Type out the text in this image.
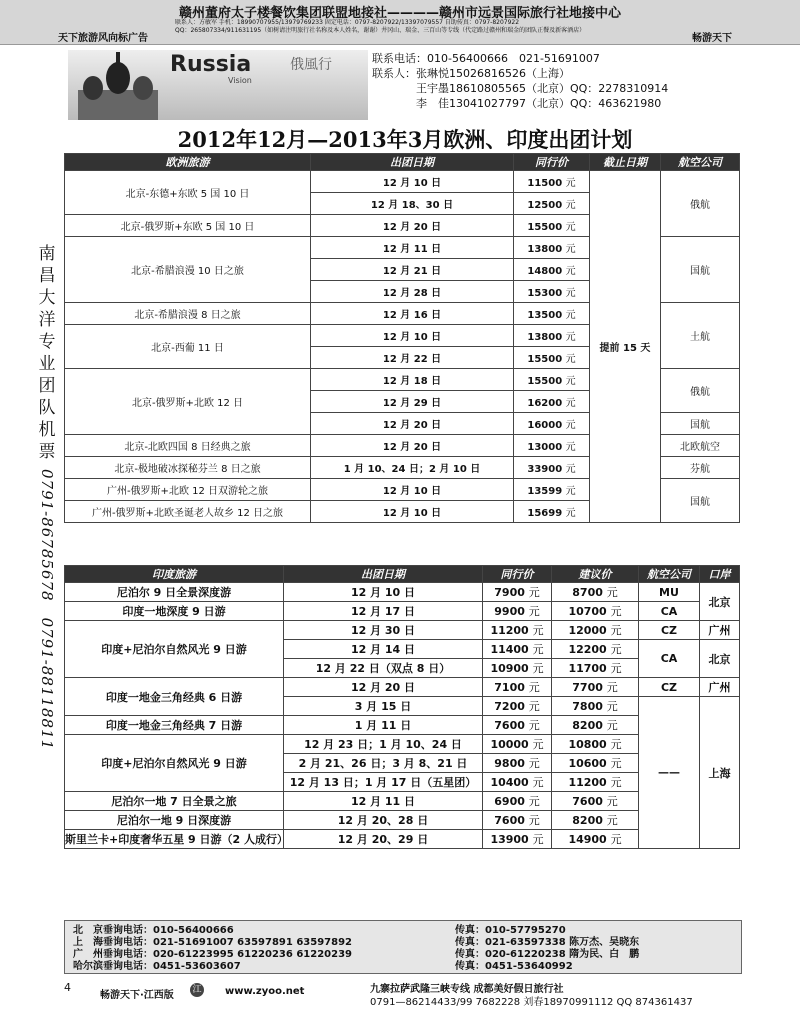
赣州董府太子楼餐饮集团联盟地接社————赣州市远景国际旅行社地接中心
联系人：方敏军 手机：18990707955/13979769233 固定电话：0797-8207922/13397079557 自助传真：0797-8207922
QQ：265807334/911631195（如树请注明旅行社名称及本人姓名，谢谢）井冈山、瑞金、三百山等专线（代定路过赣州和瑞金的团队正餐及新客酒店）
天下旅游风向标广告	畅游天下
Russia	俄風行
Vision
联系电话：010-56400666　021-51691007
联系人：张琳悦15026816526（上海）
　　　　王宇墨18610805565（北京）QQ：2278310914
　　　　李　佳13041027797（北京）QQ：463621980
2012年12月—2013年3月欧洲、印度出团计划
南昌大洋专业团队机票
0791-86785678　0791-88118811
欧洲旅游	出团日期	同行价	截止日期	航空公司
北京-东德+东欧 5 国 10 日	12 月 10 日	11500 元	提前 15 天	俄航
	12 月 18、30 日	12500 元		
北京-俄罗斯+东欧 5 国 10 日	12 月 20 日	15500 元		
北京-希腊浪漫 10 日之旅	12 月 11 日	13800 元		国航
	12 月 21 日	14800 元		
	12 月 28 日	15300 元		
北京-希腊浪漫 8 日之旅	12 月 16 日	13500 元		土航
北京-西葡 11 日	12 月 10 日	13800 元		
	12 月 22 日	15500 元		
北京-俄罗斯+北欧 12 日	12 月 18 日	15500 元		俄航
	12 月 29 日	16200 元		
	12 月 20 日	16000 元		国航
北京-北欧四国 8 日经典之旅	12 月 20 日	13000 元		北欧航空
北京-极地破冰探秘芬兰 8 日之旅	1 月 10、24 日；2 月 10 日	33900 元		芬航
广州-俄罗斯+北欧 12 日双游轮之旅	12 月 10 日	13599 元		国航
广州-俄罗斯+北欧圣诞老人故乡 12 日之旅	12 月 10 日	15699 元		
印度旅游	出团日期	同行价	建议价	航空公司	口岸
尼泊尔 9 日全景深度游	12 月 10 日	7900 元	8700 元	MU	北京
印度一地深度 9 日游	12 月 17 日	9900 元	10700 元	CA	
印度+尼泊尔自然风光 9 日游	12 月 30 日	11200 元	12000 元	CZ	广州
	12 月 14 日	11400 元	12200 元	CA	北京
	12 月 22 日（双点 8 日）	10900 元	11700 元		
印度一地金三角经典 6 日游	12 月 20 日	7100 元	7700 元	CZ	广州
	3 月 15 日	7200 元	7800 元	——	上海
印度一地金三角经典 7 日游	1 月 11 日	7600 元	8200 元		
印度+尼泊尔自然风光 9 日游	12 月 23 日；1 月 10、24 日	10000 元	10800 元		
	2 月 21、26 日；3 月 8、21 日	9800 元	10600 元		
	12 月 13 日；1 月 17 日（五星团）	10400 元	11200 元		
尼泊尔一地 7 日全景之旅	12 月 11 日	6900 元	7600 元		
尼泊尔一地 9 日深度游	12 月 20、28 日	7600 元	8200 元		
斯里兰卡+印度奢华五星 9 日游（2 人成行）	12 月 20、29 日	13900 元	14900 元		
北　京垂询电话：010-56400666	传真：010-57795270
上　海垂询电话：021-51691007 63597891 63597892	传真：021-63597338 陈万杰、吴晓东
广　州垂询电话：020-61223995 61220236 61220239	传真：020-61220238 隋为民、白　鹏
哈尔滨垂询电话：0451-53603607	传真：0451-53640992
4
畅游天下·江西版 江 www.zyoo.net	九寨拉萨武隆三峡专线 成都美好假日旅行社
0791—86214433/99 7682228 刘春18970991112 QQ 874361437
